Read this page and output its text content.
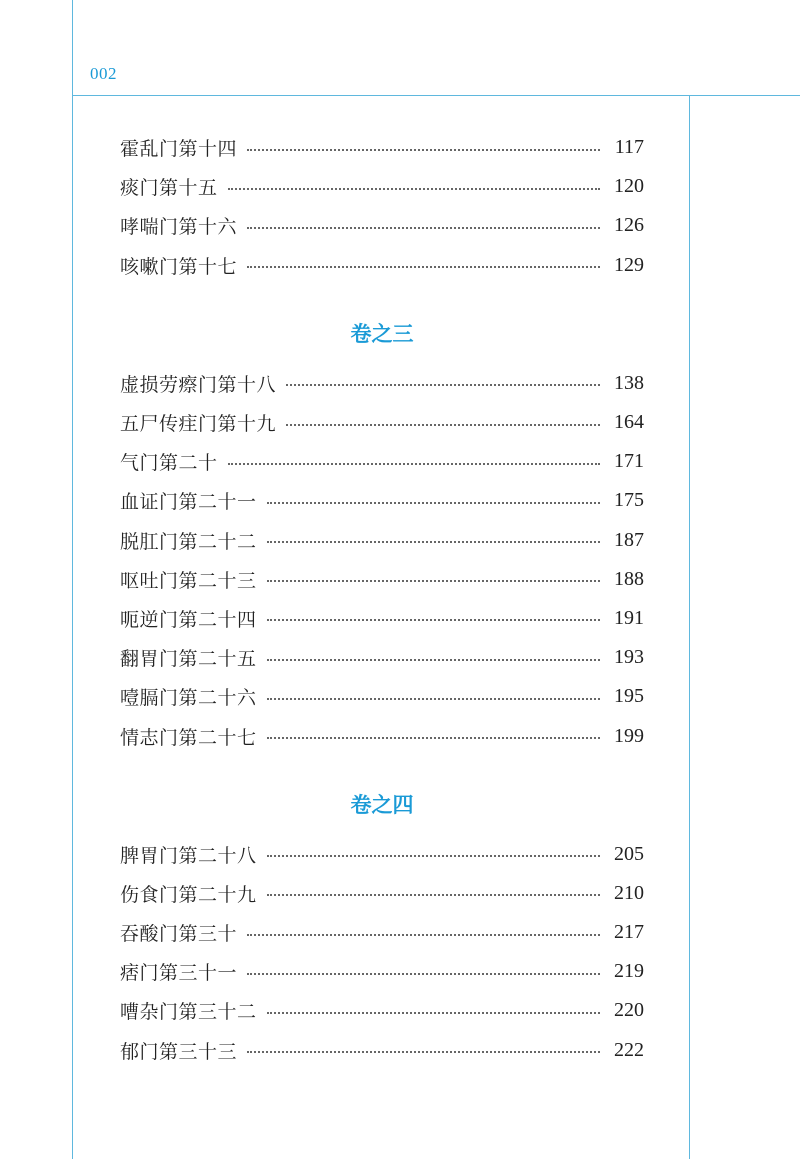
002
霍乱门第十四	117
痰门第十五	120
哮喘门第十六	126
咳嗽门第十七	129
卷之三
虚损劳瘵门第十八	138
五尸传疰门第十九	164
气门第二十	171
血证门第二十一	175
脱肛门第二十二	187
呕吐门第二十三	188
呃逆门第二十四	191
翻胃门第二十五	193
噎膈门第二十六	195
情志门第二十七	199
卷之四
脾胃门第二十八	205
伤食门第二十九	210
吞酸门第三十	217
痞门第三十一	219
嘈杂门第三十二	220
郁门第三十三	222
